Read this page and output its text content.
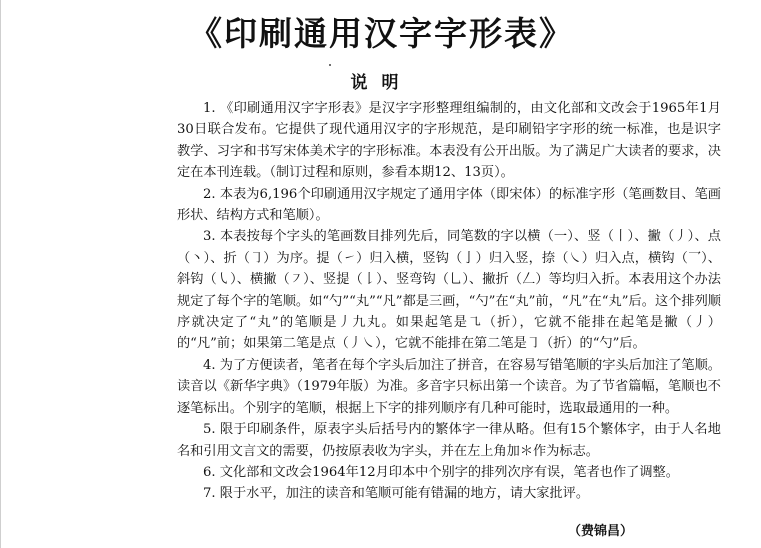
《印刷通用汉字字形表》
说明

1. 《印刷通用汉字字形表》是汉字字形整理组编制的，由文化部和文改会于1965年1月30日联合发布。它提供了现代通用汉字的字形规范，是印刷铅字字形的统一标准，也是识字教学、习字和书写宋体美术字的字形标准。本表没有公开出版。为了满足广大读者的要求，决定在本刊连载。（制订过程和原则，参看本期12、13页）。

2. 本表为6,196个印刷通用汉字规定了通用字体（即宋体）的标准字形（笔画数目、笔画形状、结构方式和笔顺）。

3. 本表按每个字头的笔画数目排列先后，同笔数的字以横（一）、竖（丨）、撇（丿）、点（丶）、折（㇆）为序。提（㇀）归入横，竖钩（亅）归入竖，捺（㇏）归入点，横钩（乛）、斜钩（㇂）、横撇（㇇）、竖提（𠄌）、竖弯钩（乚）、撇折（𠃋）等均归入折。本表用这个办法规定了每个字的笔顺。如“勺”“丸”“凡”都是三画，“勺”在“丸”前，“凡”在“丸”后。这个排列顺序就决定了“丸”的笔顺是丿九丸。如果起笔是㇈（折），它就不能排在起笔是撇（丿）的“凡”前；如果第二笔是点（丿㇏），它就不能排在第二笔是㇆（折）的“勺”后。

4. 为了方便读者，笔者在每个字头后加注了拼音，在容易写错笔顺的字头后加注了笔顺。读音以《新华字典》（1979年版）为准。多音字只标出第一个读音。为了节省篇幅，笔顺也不逐笔标出。个别字的笔顺，根据上下字的排列顺序有几种可能时，选取最通用的一种。

5. 限于印刷条件，原表字头后括号内的繁体字一律从略。但有15个繁体字，由于人名地名和引用文言文的需要，仍按原表收为字头，并在左上角加＊作为标志。

6. 文化部和文改会1964年12月印本中个别字的排列次序有误，笔者也作了调整。

7. 限于水平，加注的读音和笔顺可能有错漏的地方，请大家批评。

（费锦昌）
